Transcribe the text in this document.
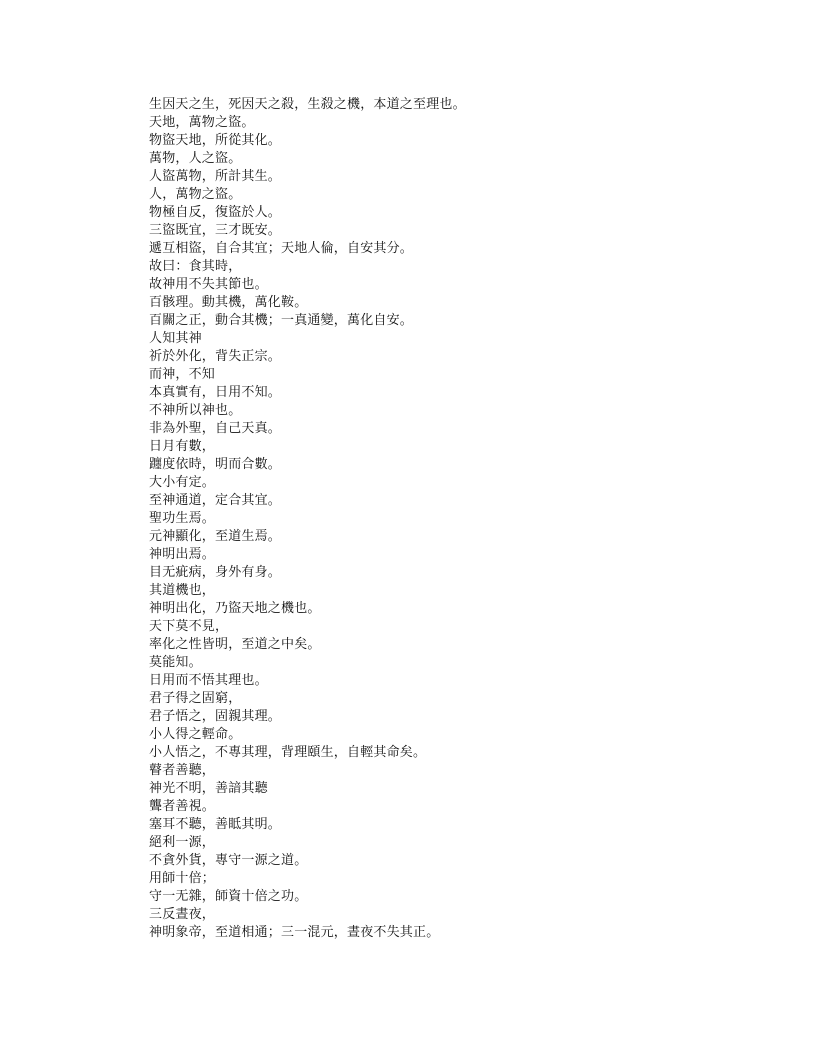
生因天之生，死因天之殺，生殺之機，本道之至理也。
天地，萬物之盜。
物盜天地，所從其化。
萬物，人之盜。
人盜萬物，所計其生。
人，萬物之盜。
物極自反，復盜於人。
三盜既宜，三才既安。
遞互相盜，自合其宜；天地人倫，自安其分。
故曰：食其時，
故神用不失其節也。
百骸理。動其機，萬化鞍。
百關之正，動合其機；一真通變，萬化自安。
人知其神
祈於外化，背失正宗。
而神，不知
本真實有，日用不知。
不神所以神也。
非為外聖，自己天真。
日月有數，
躔度依時，明而合數。
大小有定。
至神通道，定合其宜。
聖功生焉。
元神顯化，至道生焉。
神明出焉。
目无疵病，身外有身。
其道機也，
神明出化，乃盜天地之機也。
天下莫不見，
率化之性皆明，至道之中矣。
莫能知。
日用而不悟其理也。
君子得之固窮，
君子悟之，固親其理。
小人得之輕命。
小人悟之，不專其理，背理頤生，自輕其命矣。
瞽者善聽，
神光不明，善諳其聽
聾者善視。
塞耳不聽，善眡其明。
絕利一源，
不貪外貨，專守一源之道。
用師十倍；
守一无雜，師資十倍之功。
三反晝夜，
神明象帝，至道相通；三一混元，晝夜不失其正。
